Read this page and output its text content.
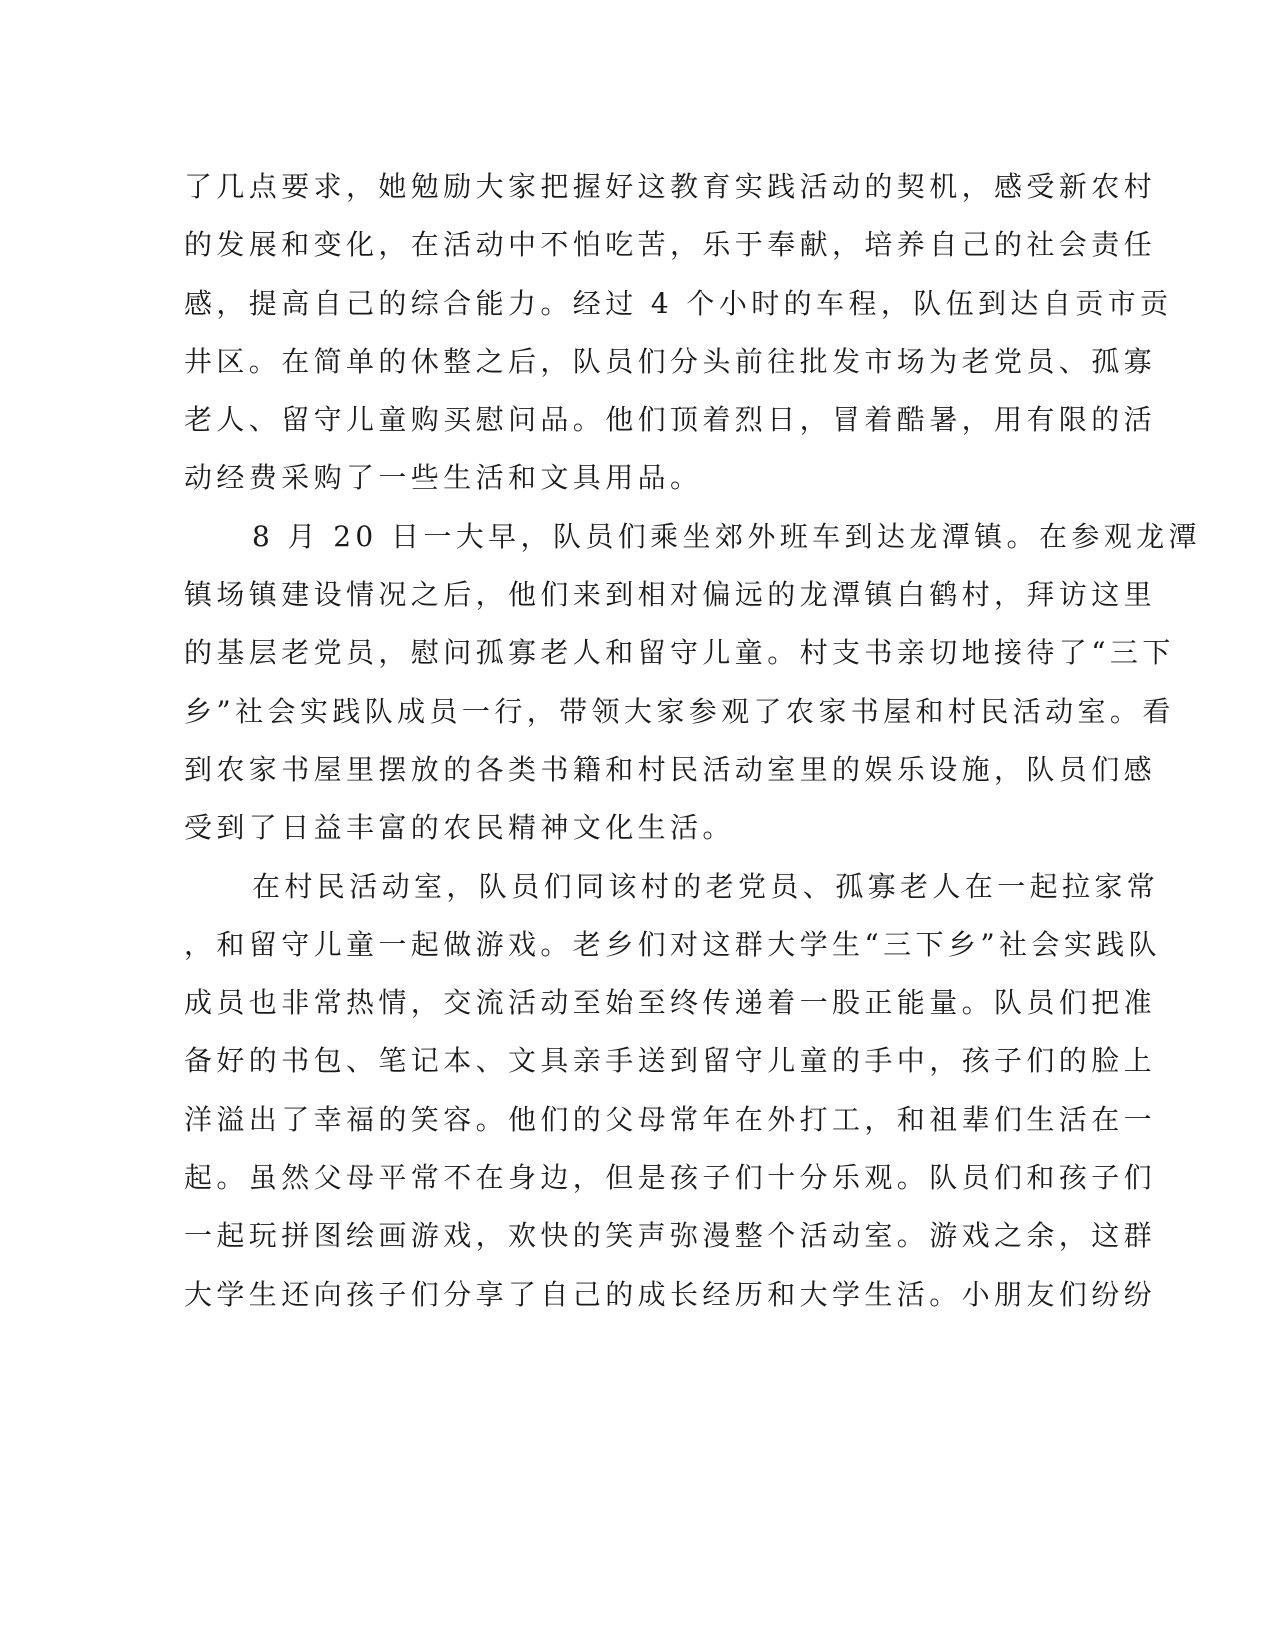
了几点要求，她勉励大家把握好这教育实践活动的契机，感受新农村

的发展和变化，在活动中不怕吃苦，乐于奉献，培养自己的社会责任

感，提高自己的综合能力。经过 4 个小时的车程，队伍到达自贡市贡

井区。在简单的休整之后，队员们分头前往批发市场为老党员、孤寡

老人、留守儿童购买慰问品。他们顶着烈日，冒着酷暑，用有限的活

动经费采购了一些生活和文具用品。

8 月 20 日一大早，队员们乘坐郊外班车到达龙潭镇。在参观龙潭

镇场镇建设情况之后，他们来到相对偏远的龙潭镇白鹤村，拜访这里

的基层老党员，慰问孤寡老人和留守儿童。村支书亲切地接待了“三下

乡”社会实践队成员一行，带领大家参观了农家书屋和村民活动室。看

到农家书屋里摆放的各类书籍和村民活动室里的娱乐设施，队员们感

受到了日益丰富的农民精神文化生活。

在村民活动室，队员们同该村的老党员、孤寡老人在一起拉家常

，和留守儿童一起做游戏。老乡们对这群大学生“三下乡”社会实践队

成员也非常热情，交流活动至始至终传递着一股正能量。队员们把准

备好的书包、笔记本、文具亲手送到留守儿童的手中，孩子们的脸上

洋溢出了幸福的笑容。他们的父母常年在外打工，和祖辈们生活在一

起。虽然父母平常不在身边，但是孩子们十分乐观。队员们和孩子们

一起玩拼图绘画游戏，欢快的笑声弥漫整个活动室。游戏之余，这群

大学生还向孩子们分享了自己的成长经历和大学生活。小朋友们纷纷
